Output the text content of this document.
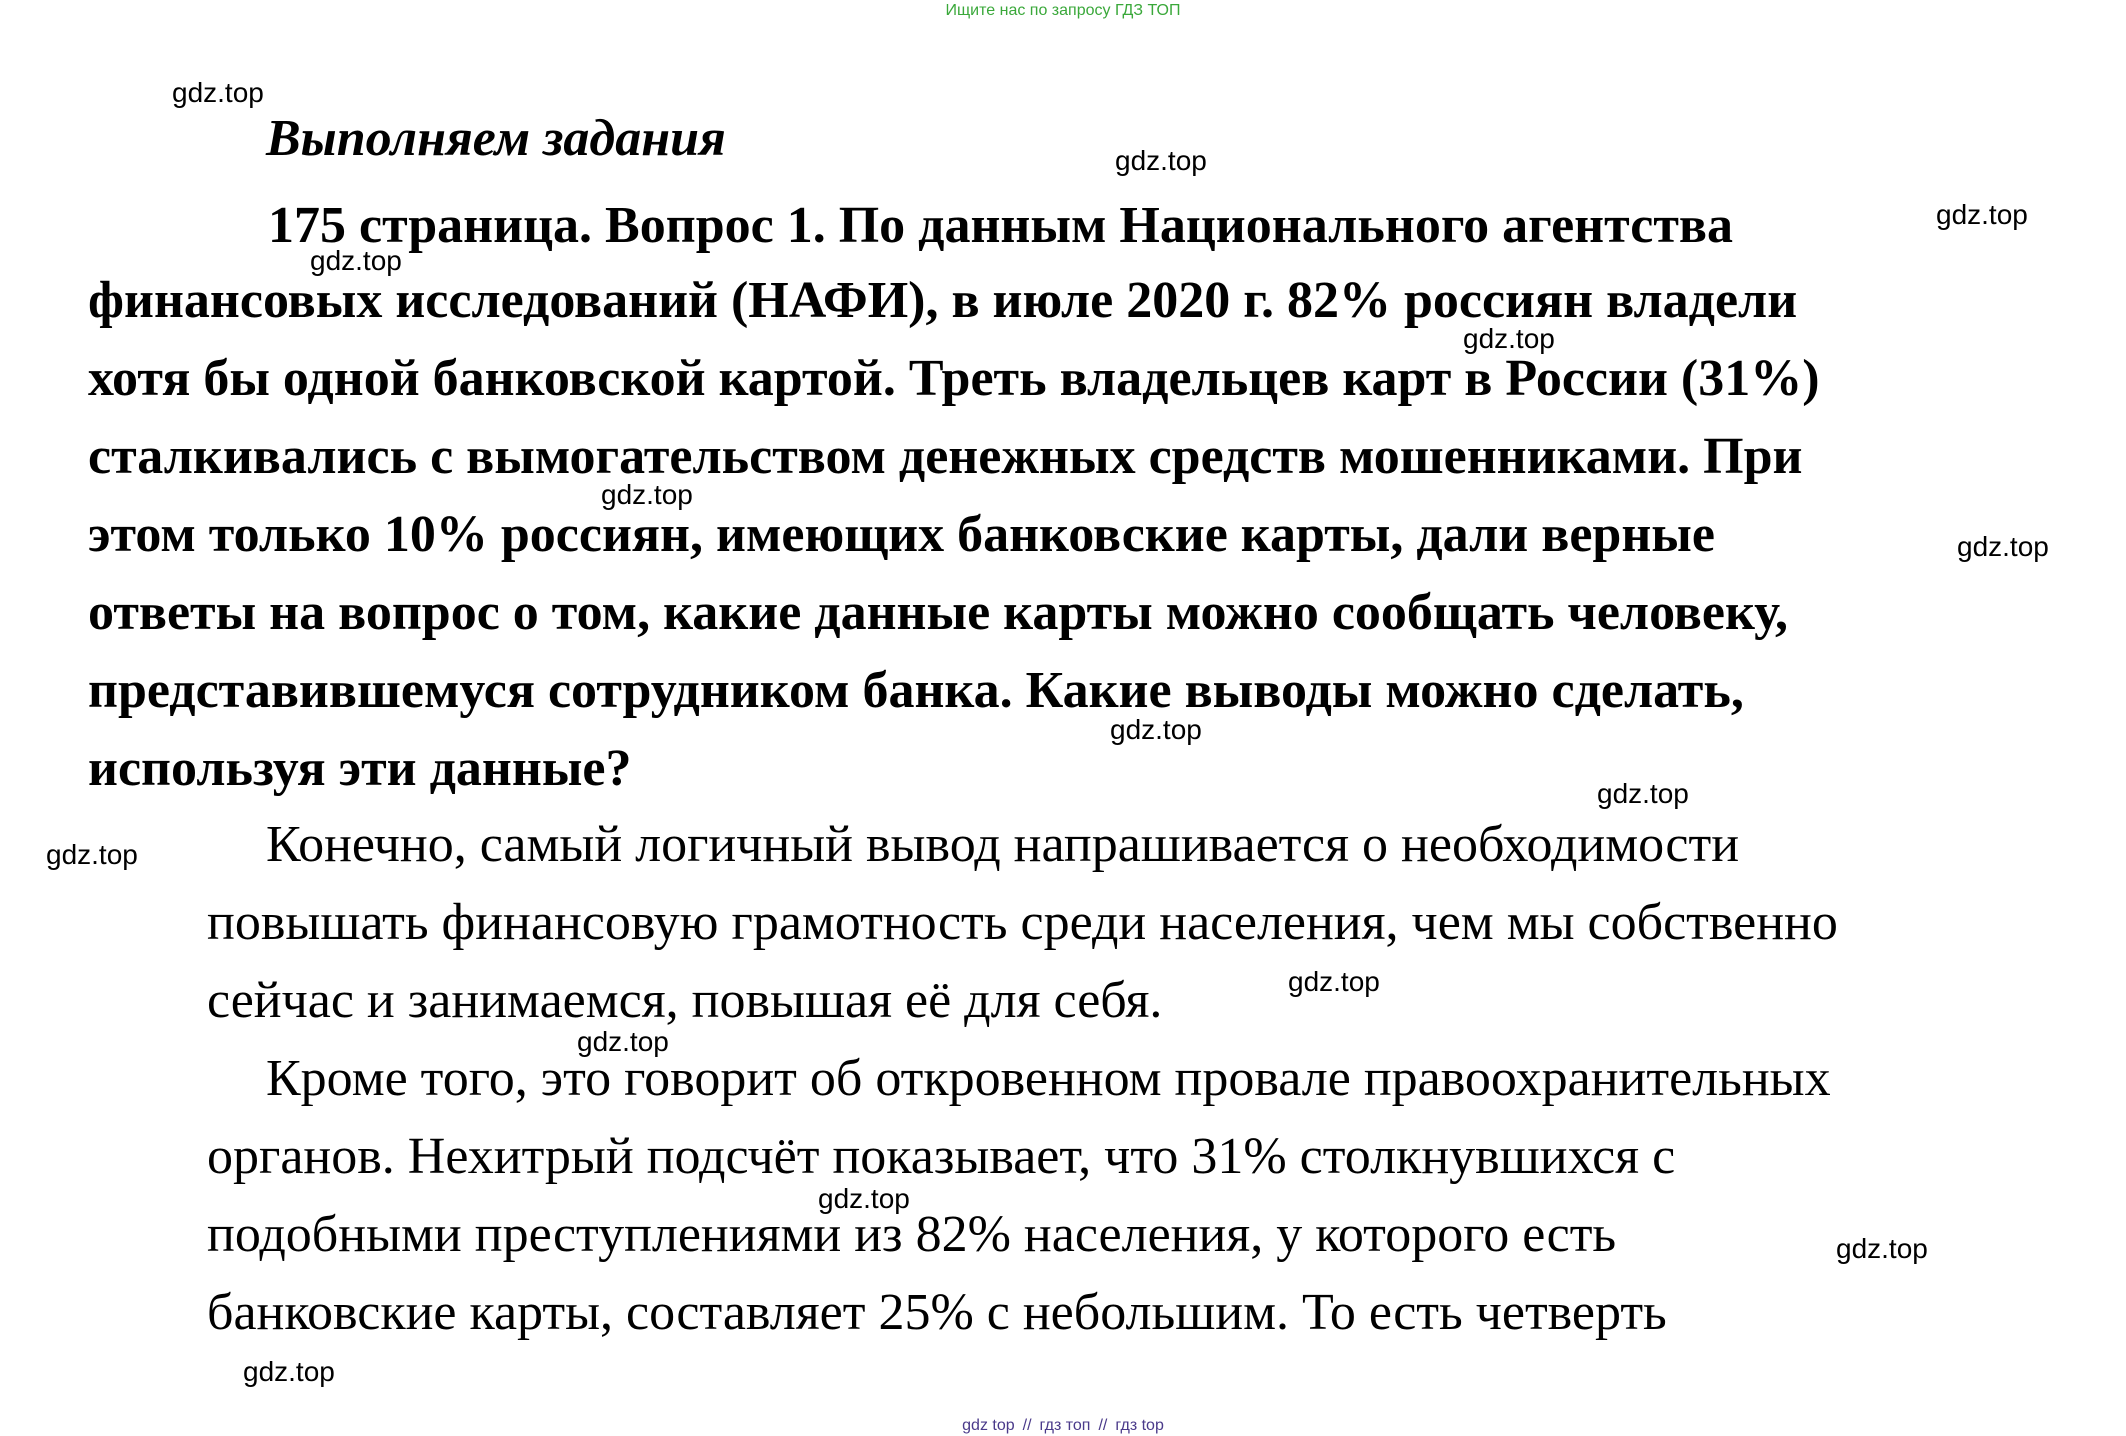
Ищите нас по запросу ГДЗ ТОП
Выполняем задания

175 страница. Вопрос 1. По данным Национального агентства

финансовых исследований (НАФИ), в июле 2020 г. 82% россиян владели

хотя бы одной банковской картой. Треть владельцев карт в России (31%)

сталкивались с вымогательством денежных средств мошенниками. При

этом только 10% россиян, имеющих банковские карты, дали верные

ответы на вопрос о том, какие данные карты можно сообщать человеку,

представившемуся сотрудником банка. Какие выводы можно сделать,

используя эти данные?

Конечно, самый логичный вывод напрашивается о необходимости

повышать финансовую грамотность среди населения, чем мы собственно

сейчас и занимаемся, повышая её для себя.

Кроме того, это говорит об откровенном провале правоохранительных

органов. Нехитрый подсчёт показывает, что 31% столкнувшихся с

подобными преступлениями из 82% населения, у которого есть

банковские карты, составляет 25% с небольшим. То есть четверть

gdz.top
gdz.top
gdz.top
gdz.top
gdz.top
gdz.top
gdz.top
gdz.top
gdz.top
gdz.top
gdz.top
gdz.top
gdz.top
gdz.top
gdz.top
gdz top // гдз топ // гдз top
